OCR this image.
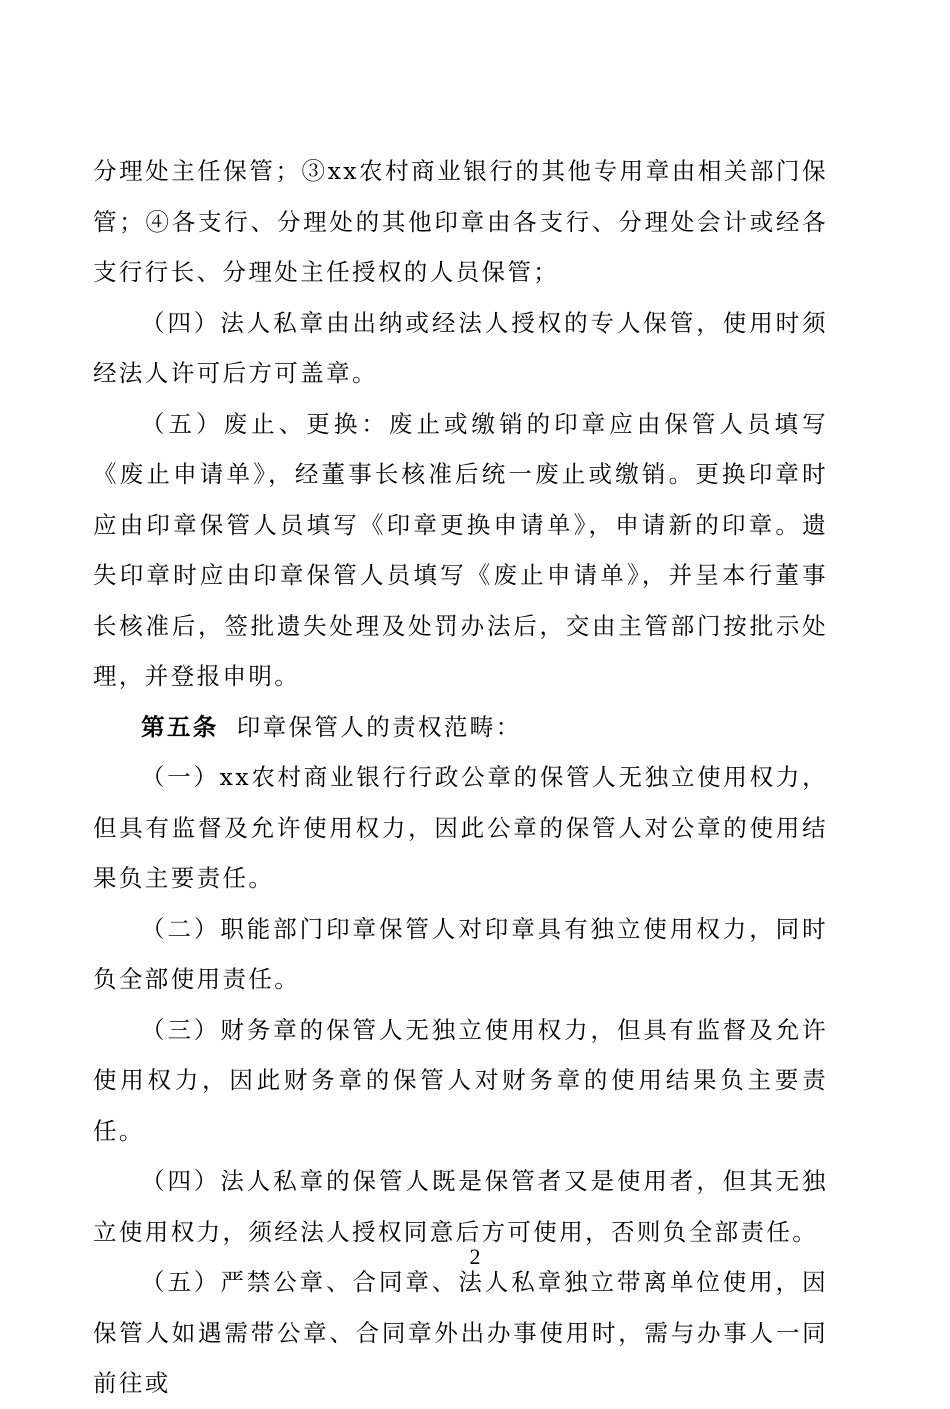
分理处主任保管；③xx农村商业银行的其他专用章由相关部门保管；④各支行、分理处的其他印章由各支行、分理处会计或经各支行行长、分理处主任授权的人员保管；

（四）法人私章由出纳或经法人授权的专人保管，使用时须经法人许可后方可盖章。

（五）废止、更换：废止或缴销的印章应由保管人员填写《废止申请单》，经董事长核准后统一废止或缴销。更换印章时应由印章保管人员填写《印章更换申请单》，申请新的印章。遗失印章时应由印章保管人员填写《废止申请单》，并呈本行董事长核准后，签批遗失处理及处罚办法后，交由主管部门按批示处理，并登报申明。

第五条 印章保管人的责权范畴：

（一）xx农村商业银行行政公章的保管人无独立使用权力，但具有监督及允许使用权力，因此公章的保管人对公章的使用结果负主要责任。

（二）职能部门印章保管人对印章具有独立使用权力，同时负全部使用责任。

（三）财务章的保管人无独立使用权力，但具有监督及允许使用权力，因此财务章的保管人对财务章的使用结果负主要责任。

（四）法人私章的保管人既是保管者又是使用者，但其无独立使用权力，须经法人授权同意后方可使用，否则负全部责任。

（五）严禁公章、合同章、法人私章独立带离单位使用，因保管人如遇需带公章、合同章外出办事使用时，需与办事人一同前往或

2
